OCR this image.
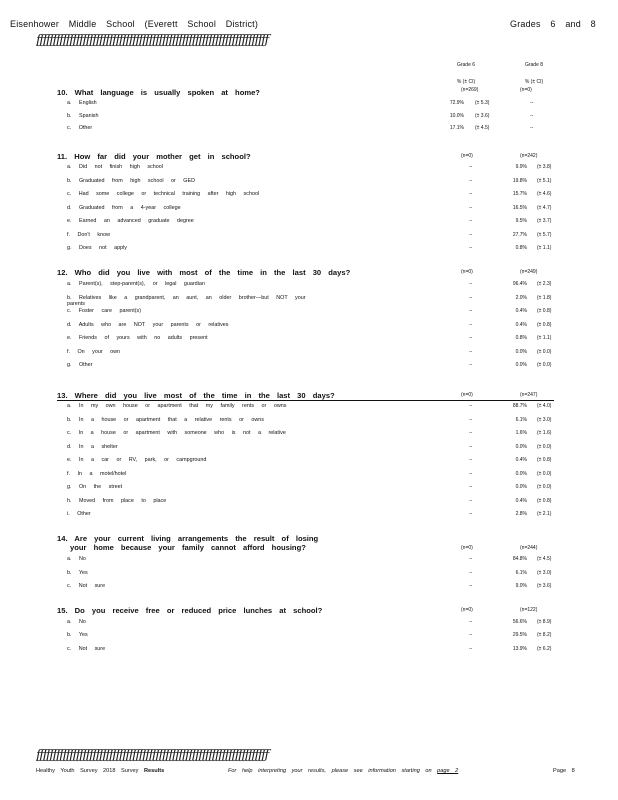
Eisenhower Middle School (Everett School District)	Grades 6 and 8
ƒƒƒƒƒƒƒƒƒƒƒƒƒƒƒƒƒƒƒƒƒƒƒƒƒƒƒƒƒƒƒƒƒƒƒƒƒƒƒƒƒƒƒƒƒƒƒƒƒƒƒƒƒƒƒƒƒƒƒƒƒƒƒƒƒƒƒƒƒƒ
Grade 6	Grade 8
% (± CI)	% (± CI)
10. What language is usually spoken at home?	(n=269)	(n=0)
a. English	72.9% (± 5.3)	--
b. Spanish	10.0% (± 3.6)	--
c. Other	17.1% (± 4.5)	--
11. How far did your mother get in school?	(n=0)	(n=242)
a. Did not finish high school	--	9.9% (± 3.8)
b. Graduated from high school or GED	--	19.8% (± 5.1)
c. Had some college or technical training after high school	--	15.7% (± 4.6)
d. Graduated from a 4-year college	--	16.5% (± 4.7)
e. Earned an advanced graduate degree	--	9.5% (± 3.7)
f. Don't know	--	27.7% (± 5.7)
g. Does not apply	--	0.8% (± 1.1)
12. Who did you live with most of the time in the last 30 days?	(n=0)	(n=249)
a. Parent(s), step-parent(s), or legal guardian	--	96.4% (± 2.3)
b. Relatives like a grandparent, an aunt, an older brother—but NOT your
parents
--	2.0% (± 1.8)
c. Foster care parent(s)	--	0.4% (± 0.8)
d. Adults who are NOT your parents or relatives	--	0.4% (± 0.8)
e. Friends of yours with no adults present	--	0.8% (± 1.1)
f. On your own	--	0.0% (± 0.0)
g. Other	--	0.0% (± 0.0)
13. Where did you live most of the time in the last 30 days?	(n=0)	(n=247)
a. In my own house or apartment that my family rents or owns	--	88.7% (± 4.0)
b. In a house or apartment that a relative rents or owns	--	6.1% (± 3.0)
c. In a house or apartment with someone who is not a relative	--	1.6% (± 1.6)
d. In a shelter	--	0.0% (± 0.0)
e. In a car or RV, park, or campground	--	0.4% (± 0.8)
f. In a motel/hotel	--	0.0% (± 0.0)
g. On the street	--	0.0% (± 0.0)
h. Moved from place to place	--	0.4% (± 0.8)
i. Other	--	2.8% (± 2.1)
14. Are your current living arrangements the result of losing
your home because your family cannot afford housing?	(n=0)	(n=244)
a. No	--	84.8% (± 4.5)
b. Yes	--	6.1% (± 3.0)
c. Not sure	--	9.0% (± 3.6)
15. Do you receive free or reduced price lunches at school?	(n=0)	(n=122)
a. No	--	56.6% (± 8.9)
b. Yes	--	29.5% (± 8.2)
c. Not sure	--	13.9% (± 6.2)
ƒƒƒƒƒƒƒƒƒƒƒƒƒƒƒƒƒƒƒƒƒƒƒƒƒƒƒƒƒƒƒƒƒƒƒƒƒƒƒƒƒƒƒƒƒƒƒƒƒƒƒƒƒƒƒƒƒƒƒƒƒƒƒƒƒƒƒƒƒƒ
Healthy Youth Survey 2018 Survey Results	For help interpreting your results, please see information starting on page 2	Page 8
